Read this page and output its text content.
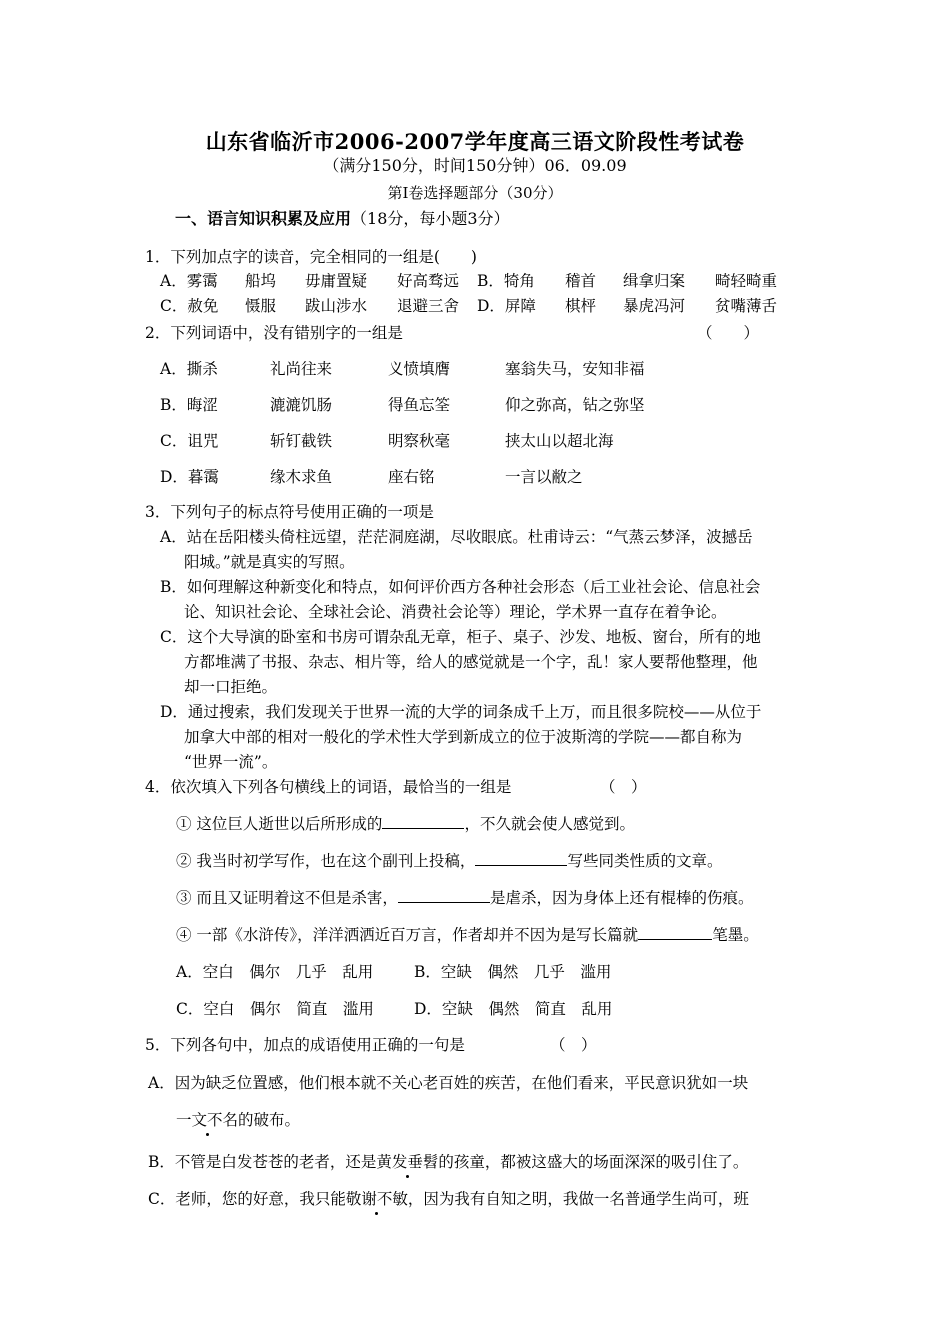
山东省临沂市2006-2007学年度高三语文阶段性考试卷
（满分150分，时间150分钟）06．09.09
第Ⅰ卷选择题部分（30分）
一、语言知识积累及应用（18分，每小题3分）
1．下列加点字的读音，完全相同的一组是(　　)
A．雾霭 船坞 毋庸置疑 好高骛远 B．犄角 稽首 缉拿归案 畸轻畸重
C．赦免 慑服 跋山涉水 退避三舍 D．屏障 棋枰 暴虎冯河 贫嘴薄舌
2．下列词语中，没有错别字的一组是	（　　）
A．撕杀	礼尚往来	义愤填膺	塞翁失马，安知非福
B．晦涩	漉漉饥肠	得鱼忘筌	仰之弥高，钻之弥坚
C．诅咒	斩钉截铁	明察秋毫	挟太山以超北海
D．暮霭	缘木求鱼	座右铭	一言以敝之
3．下列句子的标点符号使用正确的一项是
A．站在岳阳楼头倚柱远望，茫茫洞庭湖，尽收眼底。杜甫诗云：“气蒸云梦泽，波撼岳
阳城。”就是真实的写照。
B．如何理解这种新变化和特点，如何评价西方各种社会形态（后工业社会论、信息社会
论、知识社会论、全球社会论、消费社会论等）理论，学术界一直存在着争论。
C．这个大导演的卧室和书房可谓杂乱无章，柜子、桌子、沙发、地板、窗台，所有的地
方都堆满了书报、杂志、相片等，给人的感觉就是一个字，乱！家人要帮他整理，他
却一口拒绝。
D．通过搜索，我们发现关于世界一流的大学的词条成千上万，而且很多院校——从位于
加拿大中部的相对一般化的学术性大学到新成立的位于波斯湾的学院——都自称为
“世界一流”。
4．依次填入下列各句横线上的词语，最恰当的一组是	（　）
① 这位巨人逝世以后所形成的	，不久就会使人感觉到。
② 我当时初学写作，也在这个副刊上投稿，	写些同类性质的文章。
③ 而且又证明着这不但是杀害，	是虐杀，因为身体上还有棍棒的伤痕。
④ 一部《水浒传》，洋洋洒洒近百万言，作者却并不因为是写长篇就	笔墨。
A．空白　偶尔　几乎　乱用	B．空缺　偶然　几乎　滥用
C．空白　偶尔　简直　滥用	D．空缺　偶然　简直　乱用
5．下列各句中，加点的成语使用正确的一句是	（　）
A．因为缺乏位置感，他们根本就不关心老百姓的疾苦，在他们看来，平民意识犹如一块
一文不名的破布。
B．不管是白发苍苍的老者，还是黄发垂髫的孩童，都被这盛大的场面深深的吸引住了。
C．老师，您的好意，我只能敬谢不敏，因为我有自知之明，我做一名普通学生尚可，班
